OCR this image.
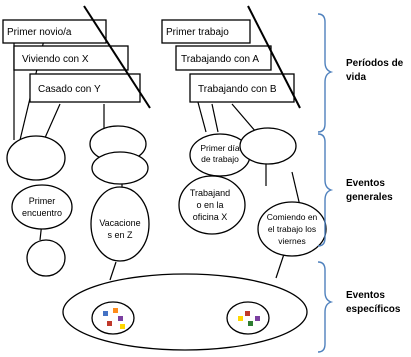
Primer novio/a
Viviendo con X
Casado con Y
Primer trabajo
Trabajando con A
Trabajando con B
Primer
encuentro
Vacacione
s en Z
Primer día
de trabajo
Trabajand
o en la
oficina X	Comiendo en
el trabajo los
viernes
Períodos de
vida
Eventos
generales
Eventos
específicos
